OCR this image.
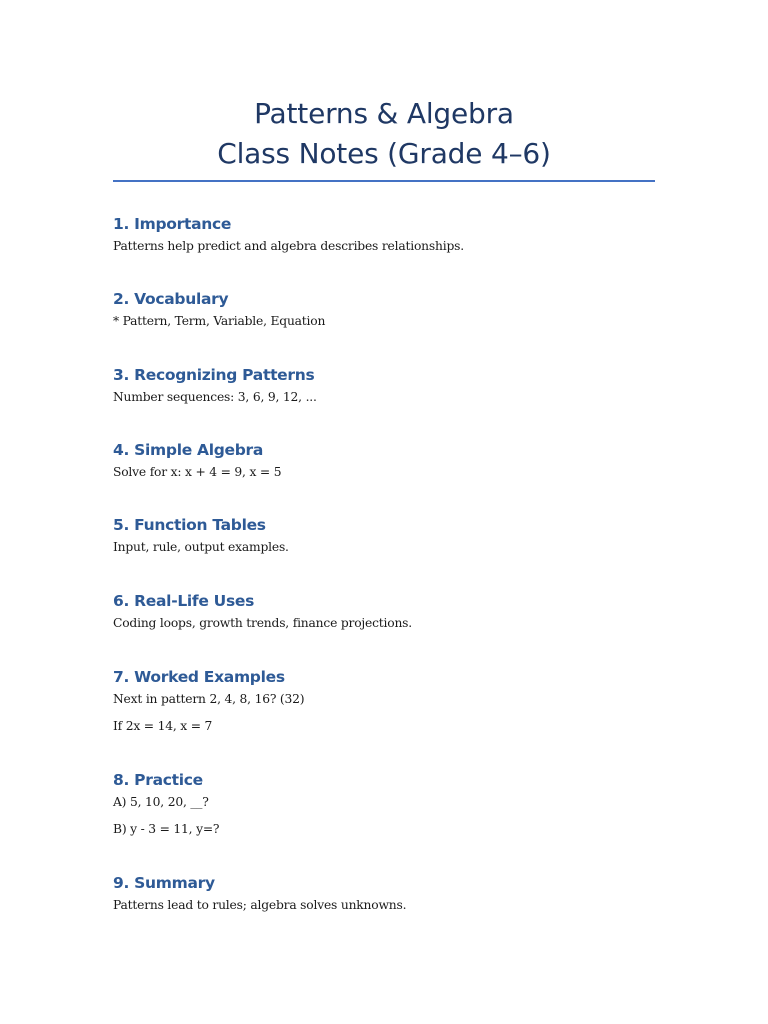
Patterns & Algebra
Class Notes (Grade 4–6)
1. Importance
Patterns help predict and algebra describes relationships.
2. Vocabulary
* Pattern, Term, Variable, Equation
3. Recognizing Patterns
Number sequences: 3, 6, 9, 12, ...
4. Simple Algebra
Solve for x: x + 4 = 9, x = 5
5. Function Tables
Input, rule, output examples.
6. Real-Life Uses
Coding loops, growth trends, finance projections.
7. Worked Examples
Next in pattern 2, 4, 8, 16? (32)
If 2x = 14, x = 7
8. Practice
A) 5, 10, 20, __?
B) y - 3 = 11, y=?
9. Summary
Patterns lead to rules; algebra solves unknowns.
